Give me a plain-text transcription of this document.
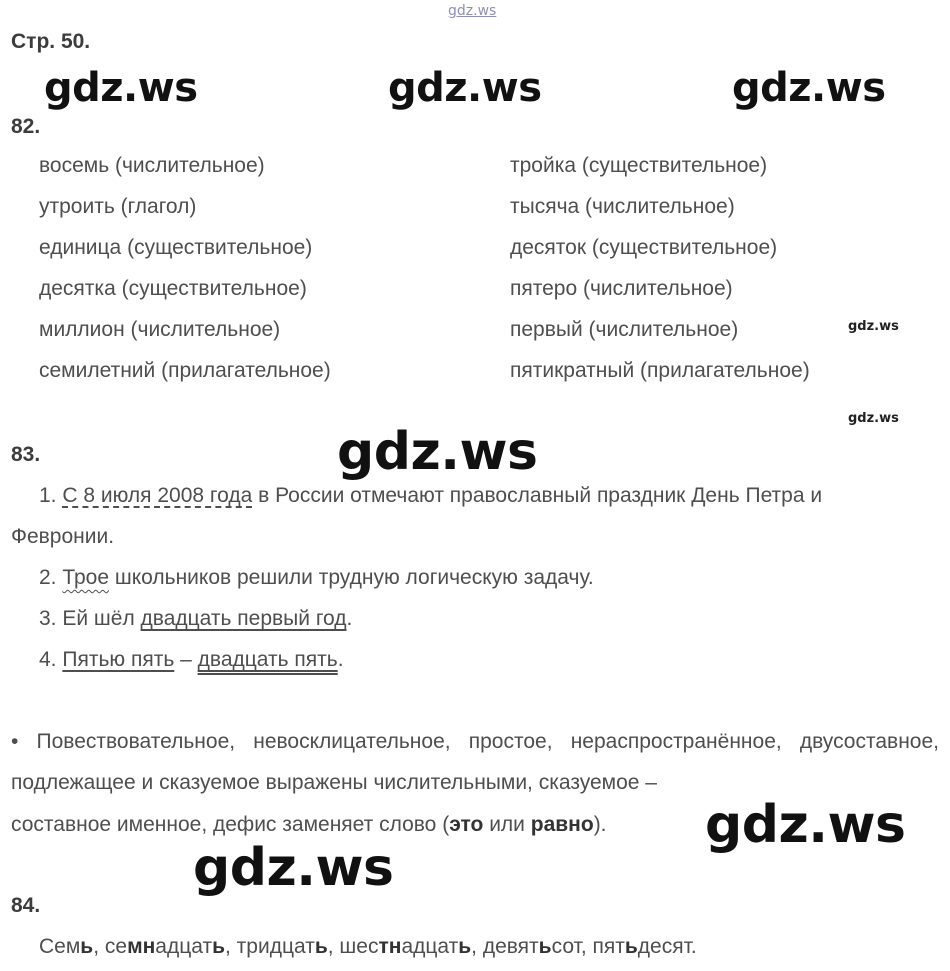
gdz.ws
Стр. 50.
gdz.ws	gdz.ws	gdz.ws
82.
восемь (числительное)
утроить (глагол)
единица (существительное)
десятка (существительное)
миллион (числительное)
семилетний (прилагательное)
тройка (существительное)
тысяча (числительное)
десяток (существительное)
пятеро (числительное)
первый (числительное)
пятикратный (прилагательное)
gdz.ws
gdz.ws
83.	gdz.ws
1. С 8 июля 2008 года в России отмечают православный праздник День Петра и
Февронии.
2. Трое школьников решили трудную логическую задачу.
3. Ей шёл двадцать первый год.
4. Пятью пять – двадцать пять.
• Повествовательное, невосклицательное, простое, нераспространённое, двусоставное, подлежащее и сказуемое выражены числительными, сказуемое –
составное именное, дефис заменяет слово (это или равно). gdz.ws
gdz.ws
84.
Семь, семнадцать, тридцать, шестнадцать, девятьсот, пятьдесят.
